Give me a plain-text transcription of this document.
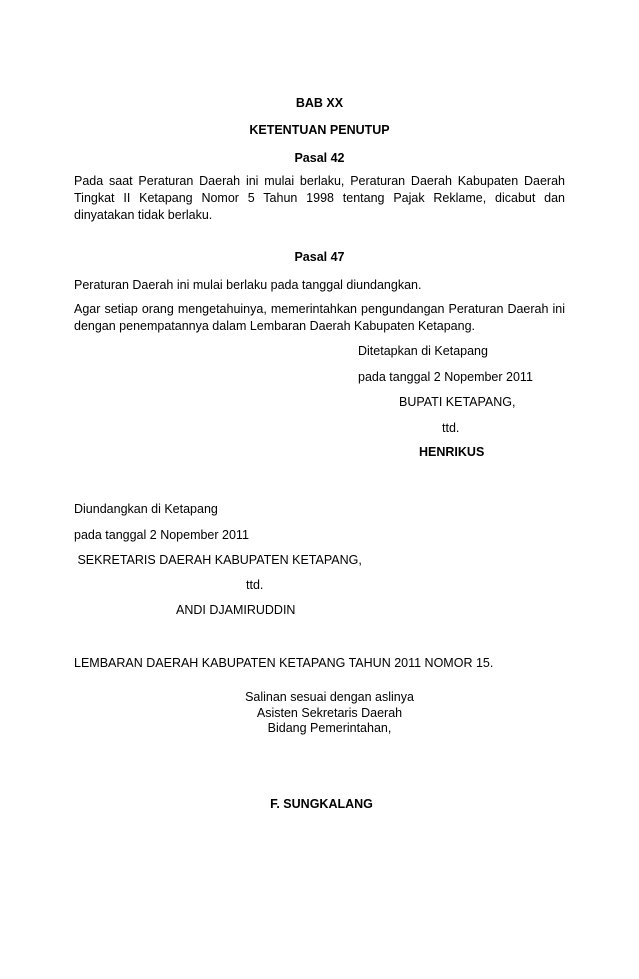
BAB XX
KETENTUAN PENUTUP
Pasal 42
Pada saat Peraturan Daerah ini mulai berlaku, Peraturan Daerah Kabupaten Daerah Tingkat II Ketapang Nomor 5 Tahun 1998 tentang Pajak Reklame, dicabut dan dinyatakan tidak berlaku.
Pasal 47
Peraturan Daerah ini mulai berlaku pada tanggal diundangkan.
Agar setiap orang mengetahuinya, memerintahkan pengundangan Peraturan Daerah ini dengan penempatannya dalam Lembaran Daerah Kabupaten Ketapang.
Ditetapkan di Ketapang
pada tanggal 2 Nopember 2011
BUPATI KETAPANG,
ttd.
HENRIKUS
Diundangkan di Ketapang
pada tanggal 2 Nopember 2011
SEKRETARIS DAERAH KABUPATEN KETAPANG,
ttd.
ANDI DJAMIRUDDIN
LEMBARAN DAERAH KABUPATEN KETAPANG TAHUN 2011 NOMOR 15.
Salinan sesuai dengan aslinya
Asisten Sekretaris Daerah
Bidang Pemerintahan,
F. SUNGKALANG
